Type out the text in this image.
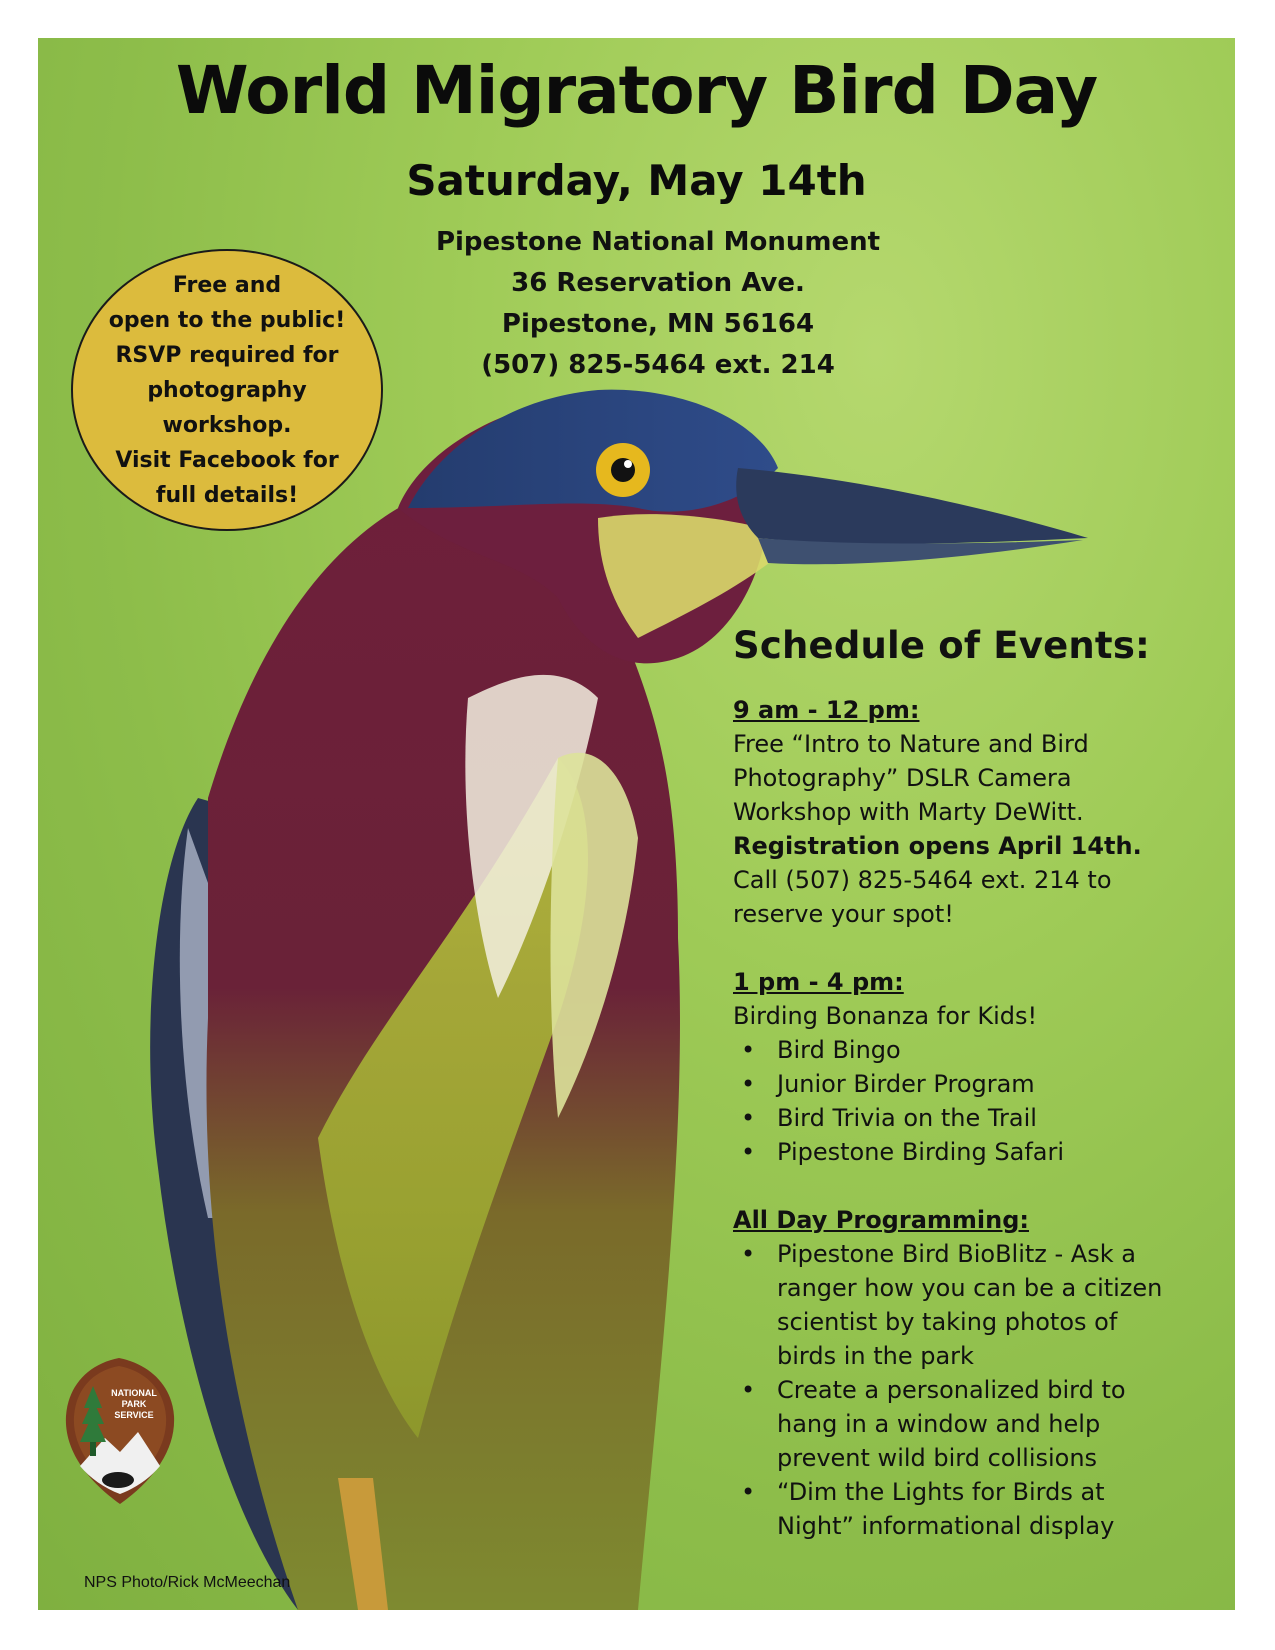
World Migratory Bird Day
Saturday, May 14th
Pipestone National Monument
36 Reservation Ave.
Pipestone, MN 56164
(507) 825-5464 ext. 214
Free and
open to the public!
RSVP required for
photography
workshop.
Visit Facebook for
full details!
Schedule of Events:
9 am - 12 pm:
Free “Intro to Nature and Bird
Photography” DSLR Camera
Workshop with Marty DeWitt.
Registration opens April 14th.
Call (507) 825-5464 ext. 214 to
reserve your spot!
1 pm - 4 pm:
Birding Bonanza for Kids!
• Bird Bingo
• Junior Birder Program
• Bird Trivia on the Trail
• Pipestone Birding Safari
All Day Programming:
• Pipestone Bird BioBlitz - Ask a
ranger how you can be a citizen
scientist by taking photos of
birds in the park
• Create a personalized bird to
hang in a window and help
prevent wild bird collisions
• “Dim the Lights for Birds at
Night” informational display
NATIONAL
PARK
SERVICE
NPS Photo/Rick McMeechan
